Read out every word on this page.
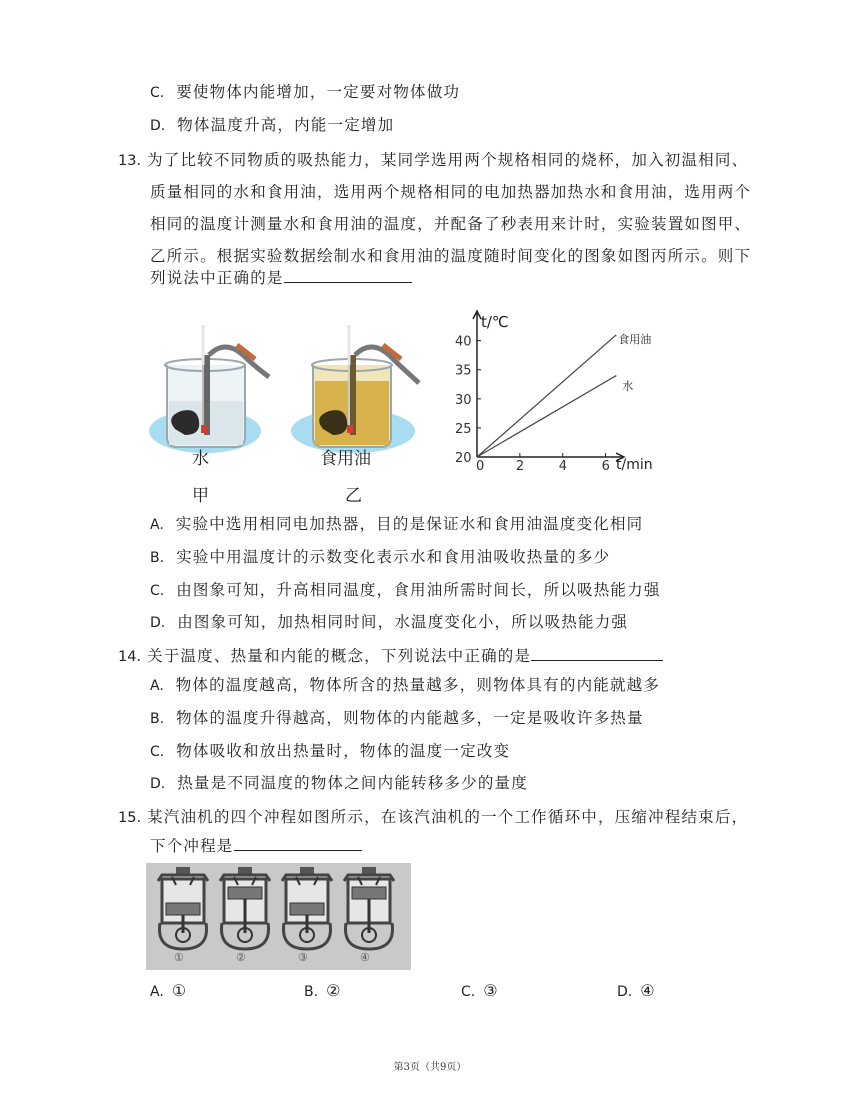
C. 要使物体内能增加，一定要对物体做功
D. 物体温度升高，内能一定增加
13. 为了比较不同物质的吸热能力，某同学选用两个规格相同的烧杯，加入初温相同、
质量相同的水和食用油，选用两个规格相同的电加热器加热水和食用油，选用两个
相同的温度计测量水和食用油的温度，并配备了秒表用来计时，实验装置如图甲、
乙所示。根据实验数据绘制水和食用油的温度随时间变化的图象如图丙所示。则下
列说法中正确的是
水
甲
食用油
乙
t/℃
t/min
20
25
30
35
40
0 2	4	6
食用油
水
A. 实验中选用相同电加热器，目的是保证水和食用油温度变化相同
B. 实验中用温度计的示数变化表示水和食用油吸收热量的多少
C. 由图象可知，升高相同温度，食用油所需时间长，所以吸热能力强
D. 由图象可知，加热相同时间，水温度变化小，所以吸热能力强
14. 关于温度、热量和内能的概念，下列说法中正确的是
A. 物体的温度越高，物体所含的热量越多，则物体具有的内能就越多
B. 物体的温度升得越高，则物体的内能越多，一定是吸收许多热量
C. 物体吸收和放出热量时，物体的温度一定改变
D. 热量是不同温度的物体之间内能转移多少的量度
15. 某汽油机的四个冲程如图所示，在该汽油机的一个工作循环中，压缩冲程结束后，
下个冲程是
①	②	③	④
A. ①	B. ②	C. ③	D. ④
第3页（共9页）
